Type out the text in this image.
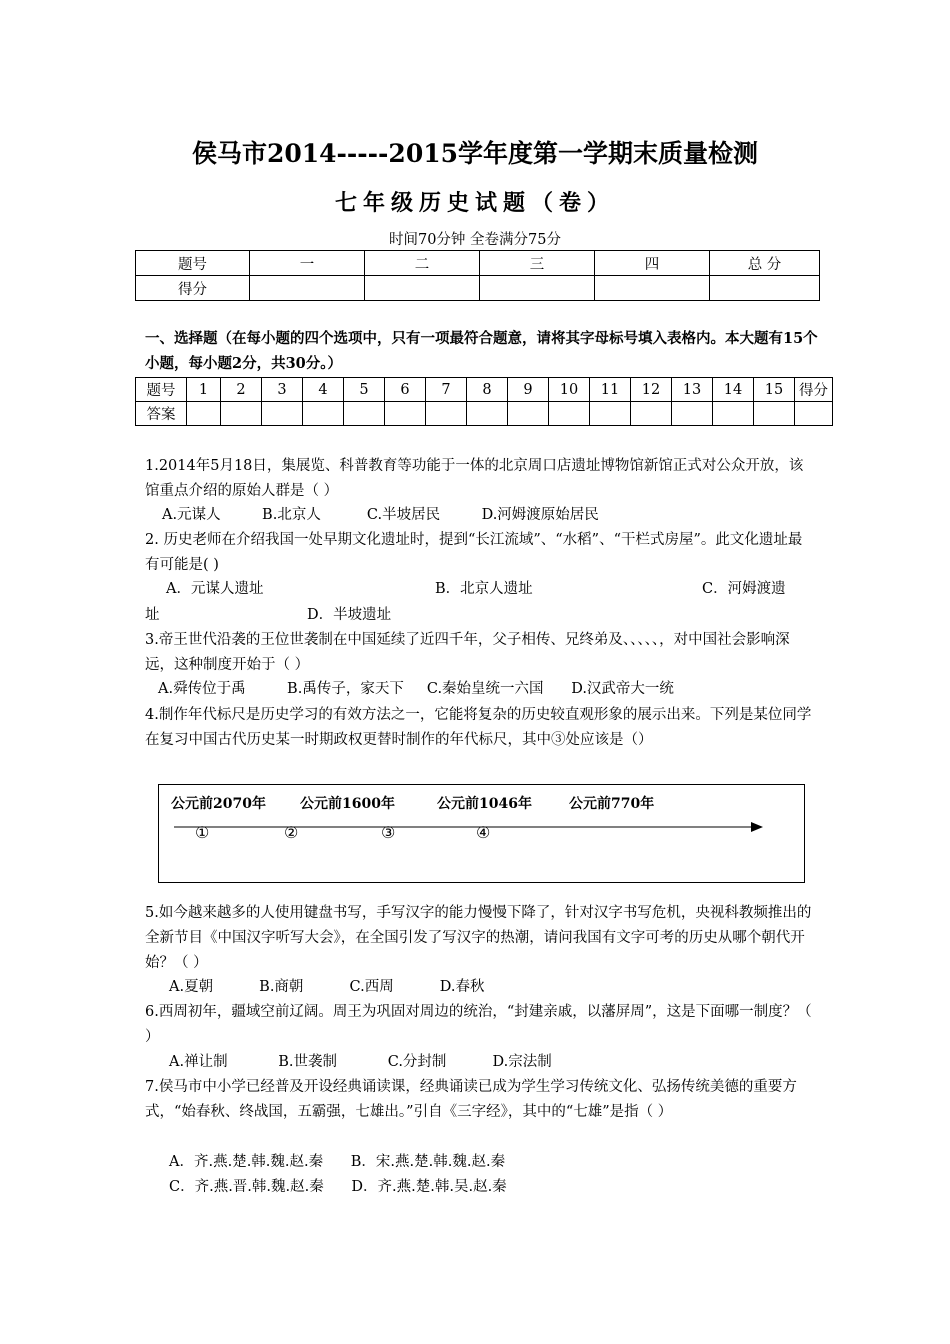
侯马市2014-----2015学年度第一学期末质量检测
七年级历史试题（卷）
时间70分钟 全卷满分75分
题号	一	二	三	四	总 分
得分					
一、选择题（在每小题的四个选项中，只有一项最符合题意，请将其字母标号填入表格内。本大题有15个小题，每小题2分，共30分。）
题号	1	2	3	4	5	6	7	8	9	10	11	12	13	14	15	得分
答案																
1.2014年5月18日，集展览、科普教育等功能于一体的北京周口店遗址博物馆新馆正式对公众开放，该馆重点介绍的原始人群是（ ）
A.元谋人         B.北京人          C.半坡居民         D.河姆渡原始居民
2. 历史老师在介绍我国一处早期文化遗址时，提到“长江流域”、“水稻”、“干栏式房屋”。此文化遗址最有可能是( )
A．元谋人遗址	B．北京人遗址	C．河姆渡遗
址	D．半坡遗址
3.帝王世代沿袭的王位世袭制在中国延续了近四千年，父子相传、兄终弟及、、、、、，对中国社会影响深远，这种制度开始于（ ）
A.舜传位于禹         B.禹传子，家天下     C.秦始皇统一六国      D.汉武帝大一统
4.制作年代标尺是历史学习的有效方法之一，它能将复杂的历史较直观形象的展示出来。下列是某位同学在复习中国古代历史某一时期政权更替时制作的年代标尺，其中③处应该是（）
公元前2070年 公元前1600年	公元前1046年	公元前770年
①	②	③	④
5.如今越来越多的人使用键盘书写，手写汉字的能力慢慢下降了，针对汉字书写危机，央视科教频推出的全新节目《中国汉字听写大会》，在全国引发了写汉字的热潮，请问我国有文字可考的历史从哪个朝代开始？（ ）
A.夏朝          B.商朝          C.西周          D.春秋
6.西周初年，疆域空前辽阔。周王为巩固对周边的统治，“封建亲戚，以藩屏周”，这是下面哪一制度？（ ）
A.禅让制           B.世袭制           C.分封制          D.宗法制
7.侯马市中小学已经普及开设经典诵读课，经典诵读已成为学生学习传统文化、弘扬传统美德的重要方式，“始春秋、终战国，五霸强，七雄出。”引自《三字经》，其中的“七雄”是指（ ）
A．齐.燕.楚.韩.魏.赵.秦      B．宋.燕.楚.韩.魏.赵.秦
C．齐.燕.晋.韩.魏.赵.秦      D．齐.燕.楚.韩.吴.赵.秦
